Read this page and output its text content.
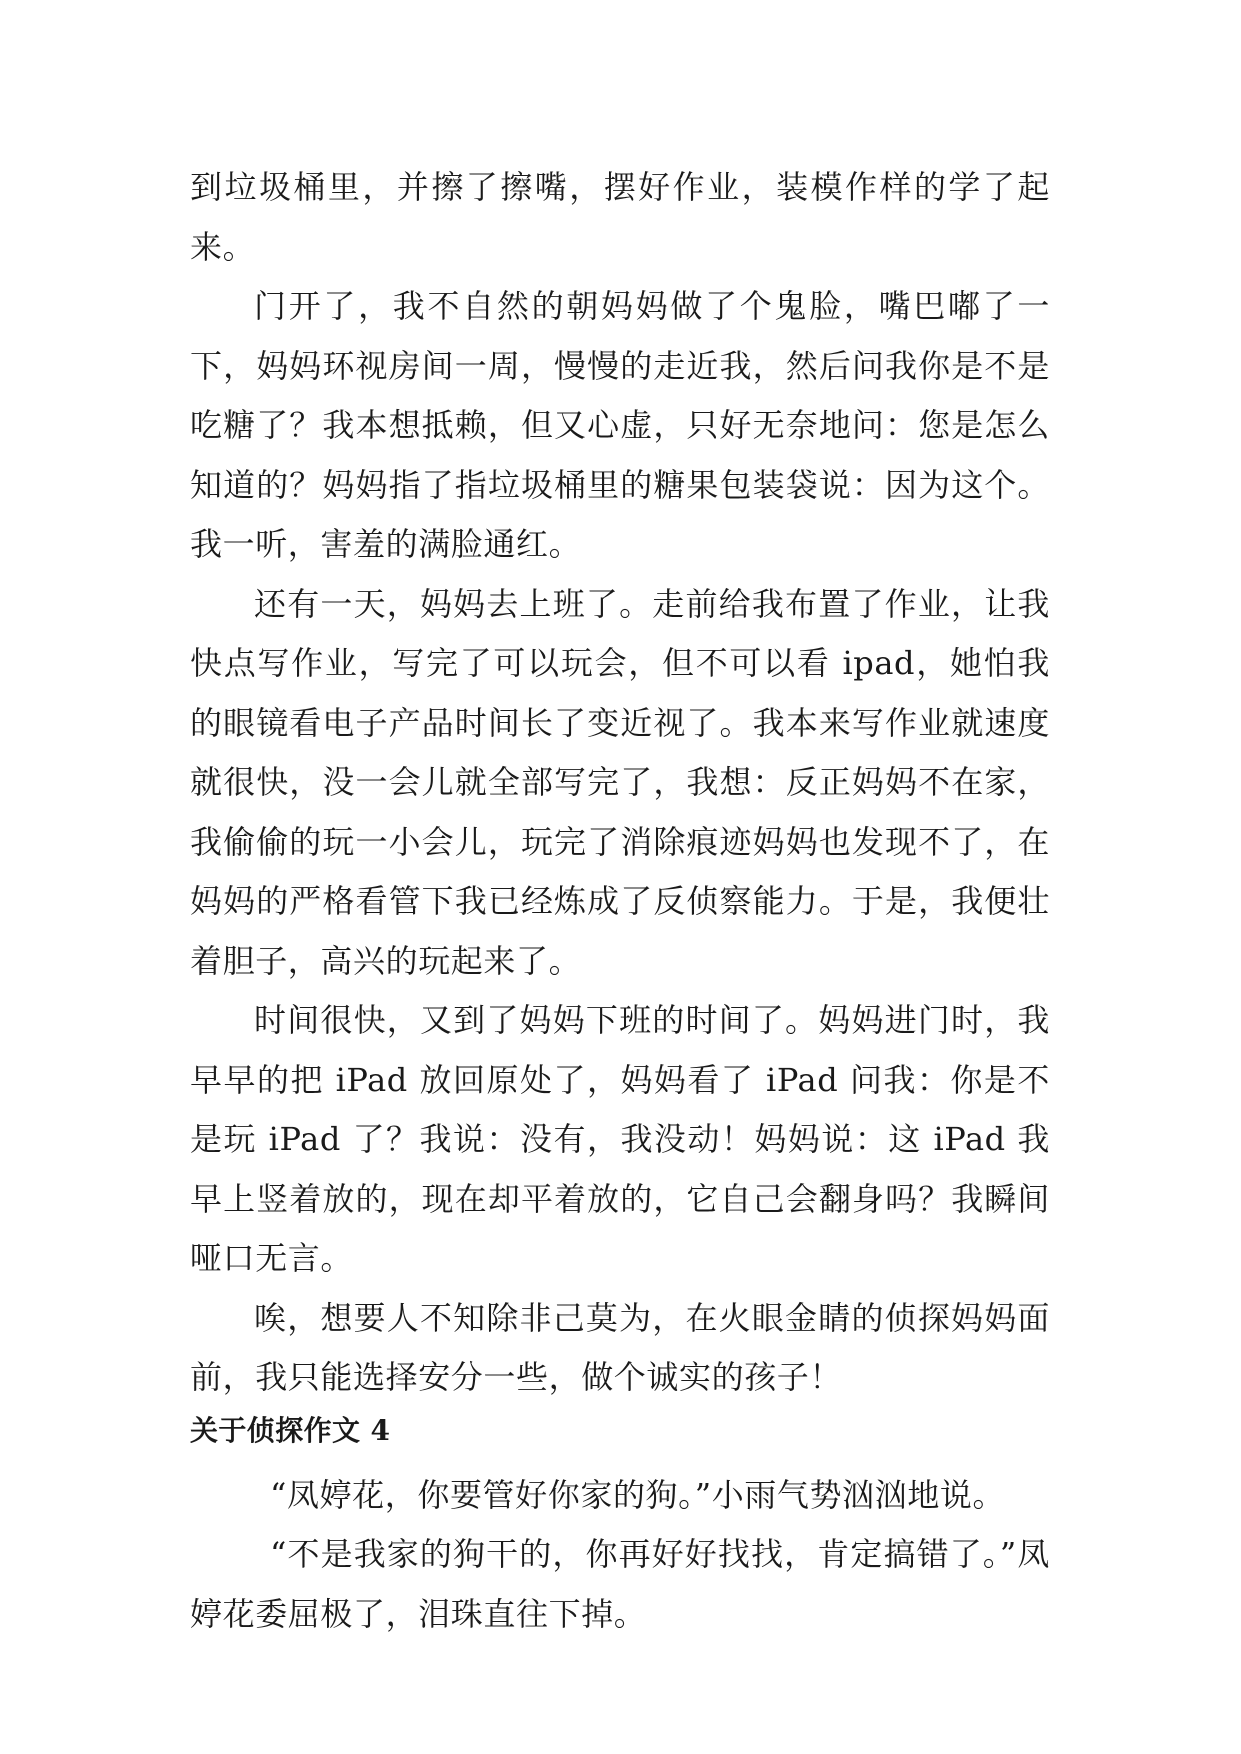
到垃圾桶里，并擦了擦嘴，摆好作业，装模作样的学了起来。

门开了，我不自然的朝妈妈做了个鬼脸，嘴巴嘟了一下，妈妈环视房间一周，慢慢的走近我，然后问我你是不是吃糖了？我本想抵赖，但又心虚，只好无奈地问：您是怎么知道的？妈妈指了指垃圾桶里的糖果包装袋说：因为这个。我一听，害羞的满脸通红。

还有一天，妈妈去上班了。走前给我布置了作业，让我快点写作业，写完了可以玩会，但不可以看 ipad，她怕我的眼镜看电子产品时间长了变近视了。我本来写作业就速度就很快，没一会儿就全部写完了，我想：反正妈妈不在家，我偷偷的玩一小会儿，玩完了消除痕迹妈妈也发现不了，在妈妈的严格看管下我已经炼成了反侦察能力。于是，我便壮着胆子，高兴的玩起来了。

时间很快，又到了妈妈下班的时间了。妈妈进门时，我早早的把 iPad 放回原处了，妈妈看了 iPad 问我：你是不是玩 iPad 了？我说：没有，我没动！妈妈说：这 iPad 我早上竖着放的，现在却平着放的，它自己会翻身吗？我瞬间哑口无言。

唉，想要人不知除非己莫为，在火眼金睛的侦探妈妈面前，我只能选择安分一些，做个诚实的孩子！

关于侦探作文 4

“凤婷花，你要管好你家的狗。”小雨气势汹汹地说。

“不是我家的狗干的，你再好好找找，肯定搞错了。”凤婷花委屈极了，泪珠直往下掉。
